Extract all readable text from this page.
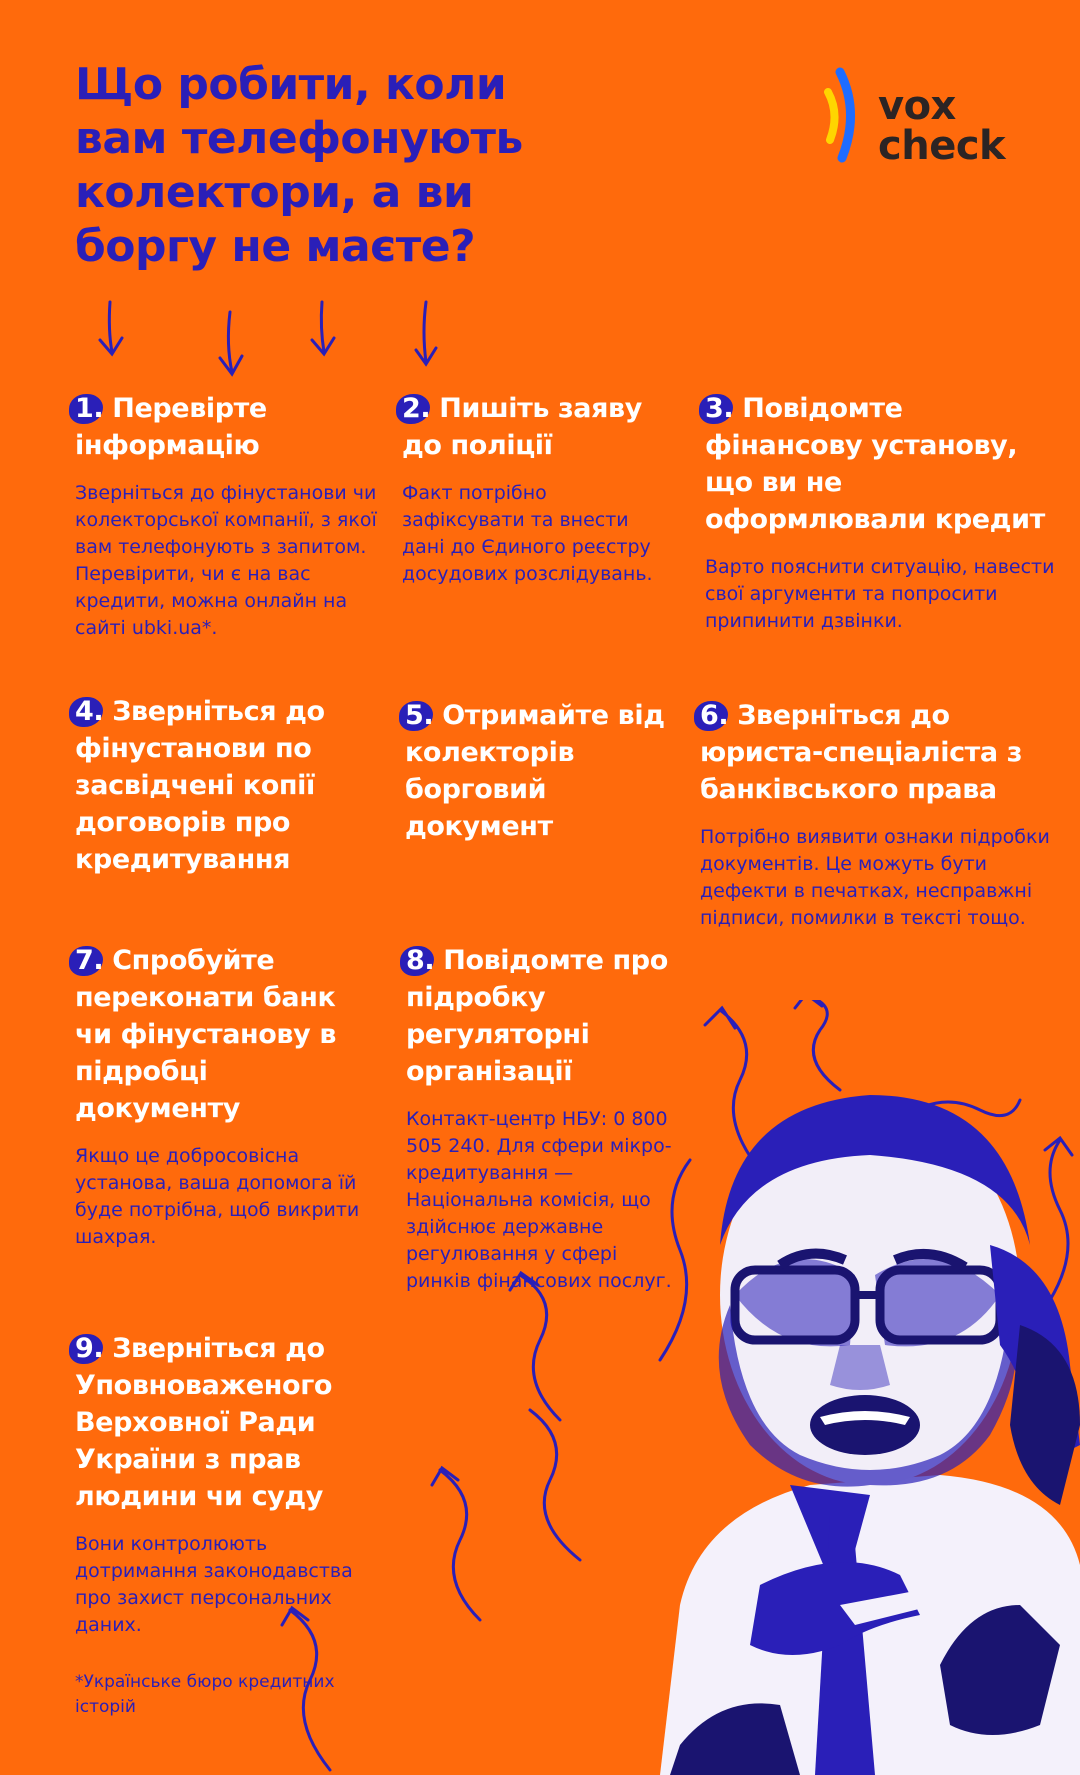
Що робити, коли вам телефонують колектори, а ви боргу не маєте?
vox
check

1. Перевірте інформацію

Зверніться до фінустанови чи колекторської компанії, з якої вам телефонують з запитом. Перевірити, чи є на вас кредити, можна онлайн на сайті ubki.ua*.

4. Зверніться до фінустанови по засвідчені копії договорів про кредитування

7. Спробуйте переконати банк чи фінустанову в підробці документу

Якщо це добросовісна установа, ваша допомога їй буде потрібна, щоб викрити шахрая.

9. Зверніться до Уповноваженого Верховної Ради України з прав людини чи суду

Вони контролюють дотримання законодавства про захист персональних даних.

2. Пишіть заяву до поліції

Факт потрібно зафіксувати та внести дані до Єдиного реєстру досудових розслідувань.

5. Отримайте від колекторів борговий документ

8. Повідомте про підробку регуляторні організації

Контакт-центр НБУ: 0 800 505 240. Для сфери мікрокредитування — Національна комісія, що здійснює державне регулювання у сфері ринків фінансових послуг.

3. Повідомте фінансову установу, що ви не оформлювали кредит

Варто пояснити ситуацію, навести свої аргументи та попросити припинити дзвінки.

6. Зверніться до юриста-спеціаліста з банківського права

Потрібно виявити ознаки підробки документів. Це можуть бути дефекти в печатках, несправжні підписи, помилки в тексті тощо.

*Українське бюро кредитних історій
